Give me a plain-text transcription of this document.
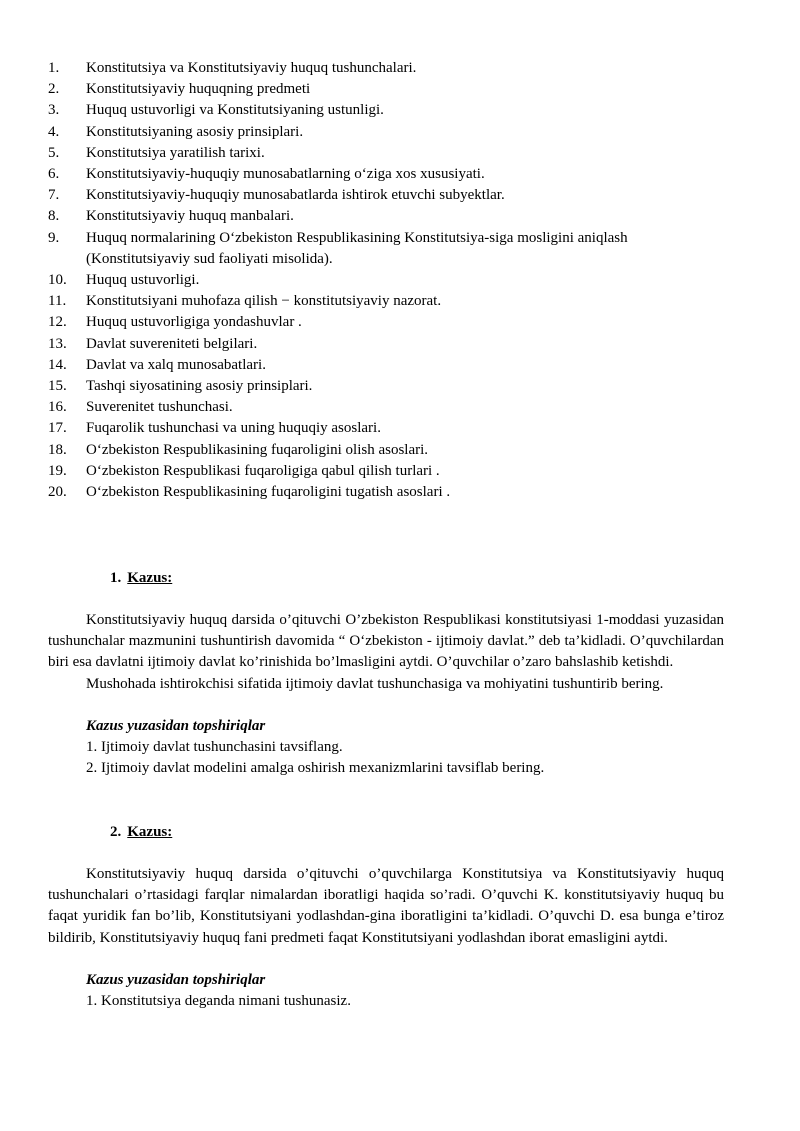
1.	Konstitutsiya va Konstitutsiyaviy huquq tushunchalari.
2.	Konstitutsiyaviy huquqning predmeti
3.	Huquq ustuvorligi va Konstitutsiyaning ustunligi.
4.	Konstitutsiyaning asosiy prinsiplari.
5.	Konstitutsiya yaratilish tarixi.
6.	Konstitutsiyaviy-huquqiy munosabatlarning o‘ziga xos xususiyati.
7.	Konstitutsiyaviy-huquqiy munosabatlarda ishtirok etuvchi subyektlar.
8.	Konstitutsiyaviy huquq manbalari.
9.	Huquq normalarining O‘zbekiston Respublikasining Konstitutsiya-siga mosligini aniqlash (Konstitutsiyaviy sud faoliyati misolida).
10.	Huquq ustuvorligi.
11.	Konstitutsiyani muhofaza qilish − konstitutsiyaviy nazorat.
12.	Huquq ustuvorligiga yondashuvlar .
13.	Davlat suvereniteti belgilari.
14.	Davlat va xalq munosabatlari.
15.	Tashqi siyosatining asosiy prinsiplari.
16.	Suverenitet tushunchasi.
17.	Fuqarolik tushunchasi va uning huquqiy asoslari.
18.	O‘zbekiston Respublikasining fuqaroligini olish asoslari.
19.	O‘zbekiston Respublikasi fuqaroligiga qabul qilish turlari .
20.	O‘zbekiston Respublikasining fuqaroligini tugatish asoslari .
1. Kazus:

Konstitutsiyaviy huquq darsida o’qituvchi O’zbekiston Respublikasi konstitutsiyasi 1-moddasi yuzasidan tushunchalar mazmunini tushuntirish davomida “ O‘zbekiston - ijtimoiy davlat.” deb ta’kidladi. O’quvchilardan biri esa davlatni ijtimoiy davlat ko’rinishida bo’lmasligini aytdi. O’quvchilar o’zaro bahslashib ketishdi.

Mushohada ishtirokchisi sifatida ijtimoiy davlat tushunchasiga va mohiyatini tushuntirib bering.

Kazus yuzasidan topshiriqlar
1. Ijtimoiy davlat tushunchasini tavsiflang.
2. Ijtimoiy davlat modelini amalga oshirish mexanizmlarini tavsiflab bering.
2. Kazus:

Konstitutsiyaviy huquq darsida o’qituvchi o’quvchilarga Konstitutsiya va Konstitutsiyaviy huquq tushunchalari o’rtasidagi farqlar nimalardan iboratligi haqida so’radi. O’quvchi K. konstitutsiyaviy huquq bu faqat yuridik fan bo’lib, Konstitutsiyani yodlashdan-gina iboratligini ta’kidladi. O’quvchi D. esa bunga e’tiroz bildirib, Konstitutsiyaviy huquq fani predmeti faqat Konstitutsiyani yodlashdan iborat emasligini aytdi.

Kazus yuzasidan topshiriqlar
1. Konstitutsiya deganda nimani tushunasiz.
